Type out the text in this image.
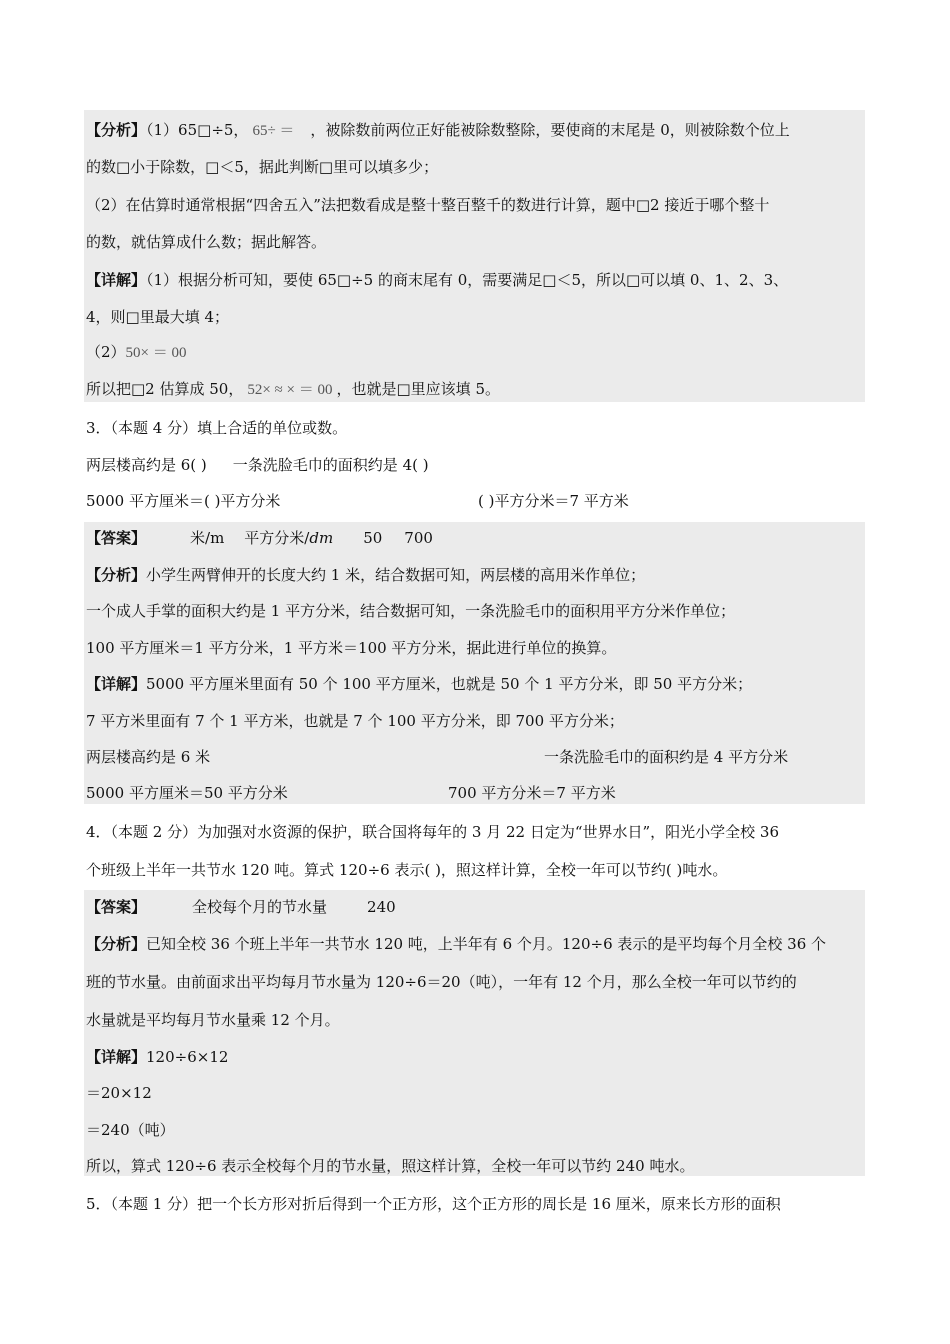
【分析】（1）65□÷5， 65÷ ＝ ，被除数前两位正好能被除数整除，要使商的末尾是 0，则被除数个位上
的数□小于除数，□＜5，据此判断□里可以填多少；
（2）在估算时通常根据“四舍五入”法把数看成是整十整百整千的数进行计算，题中□2 接近于哪个整十
的数，就估算成什么数；据此解答。
【详解】（1）根据分析可知，要使 65□÷5 的商末尾有 0，需要满足□＜5，所以□可以填 0、1、2、3、
4，则□里最大填 4；
（2）50× ＝ 00
所以把□2 估算成 50， 52× ≈ × ＝ 00 ，也就是□里应该填 5。
3．（本题 4 分）填上合适的单位或数。
两层楼高约是 6( ) 一条洗脸毛巾的面积约是 4( )
5000 平方厘米＝( )平方分米	( )平方分米＝7 平方米
【答案】	米/m 平方分米/dm 50 700
【分析】小学生两臂伸开的长度大约 1 米，结合数据可知，两层楼的高用米作单位；
一个成人手掌的面积大约是 1 平方分米，结合数据可知，一条洗脸毛巾的面积用平方分米作单位；
100 平方厘米＝1 平方分米，1 平方米＝100 平方分米，据此进行单位的换算。
【详解】5000 平方厘米里面有 50 个 100 平方厘米，也就是 50 个 1 平方分米，即 50 平方分米；
7 平方米里面有 7 个 1 平方米，也就是 7 个 100 平方分米，即 700 平方分米；
两层楼高约是 6 米	一条洗脸毛巾的面积约是 4 平方分米
5000 平方厘米＝50 平方分米	700 平方分米＝7 平方米
4．（本题 2 分）为加强对水资源的保护，联合国将每年的 3 月 22 日定为“世界水日”，阳光小学全校 36
个班级上半年一共节水 120 吨。算式 120÷6 表示( )，照这样计算，全校一年可以节约( )吨水。
【答案】	全校每个月的节水量	240
【分析】已知全校 36 个班上半年一共节水 120 吨，上半年有 6 个月。120÷6 表示的是平均每个月全校 36 个
班的节水量。由前面求出平均每月节水量为 120÷6＝20（吨），一年有 12 个月，那么全校一年可以节约的
水量就是平均每月节水量乘 12 个月。
【详解】120÷6×12
＝20×12
＝240（吨）
所以，算式 120÷6 表示全校每个月的节水量，照这样计算，全校一年可以节约 240 吨水。
5．（本题 1 分）把一个长方形对折后得到一个正方形，这个正方形的周长是 16 厘米，原来长方形的面积
